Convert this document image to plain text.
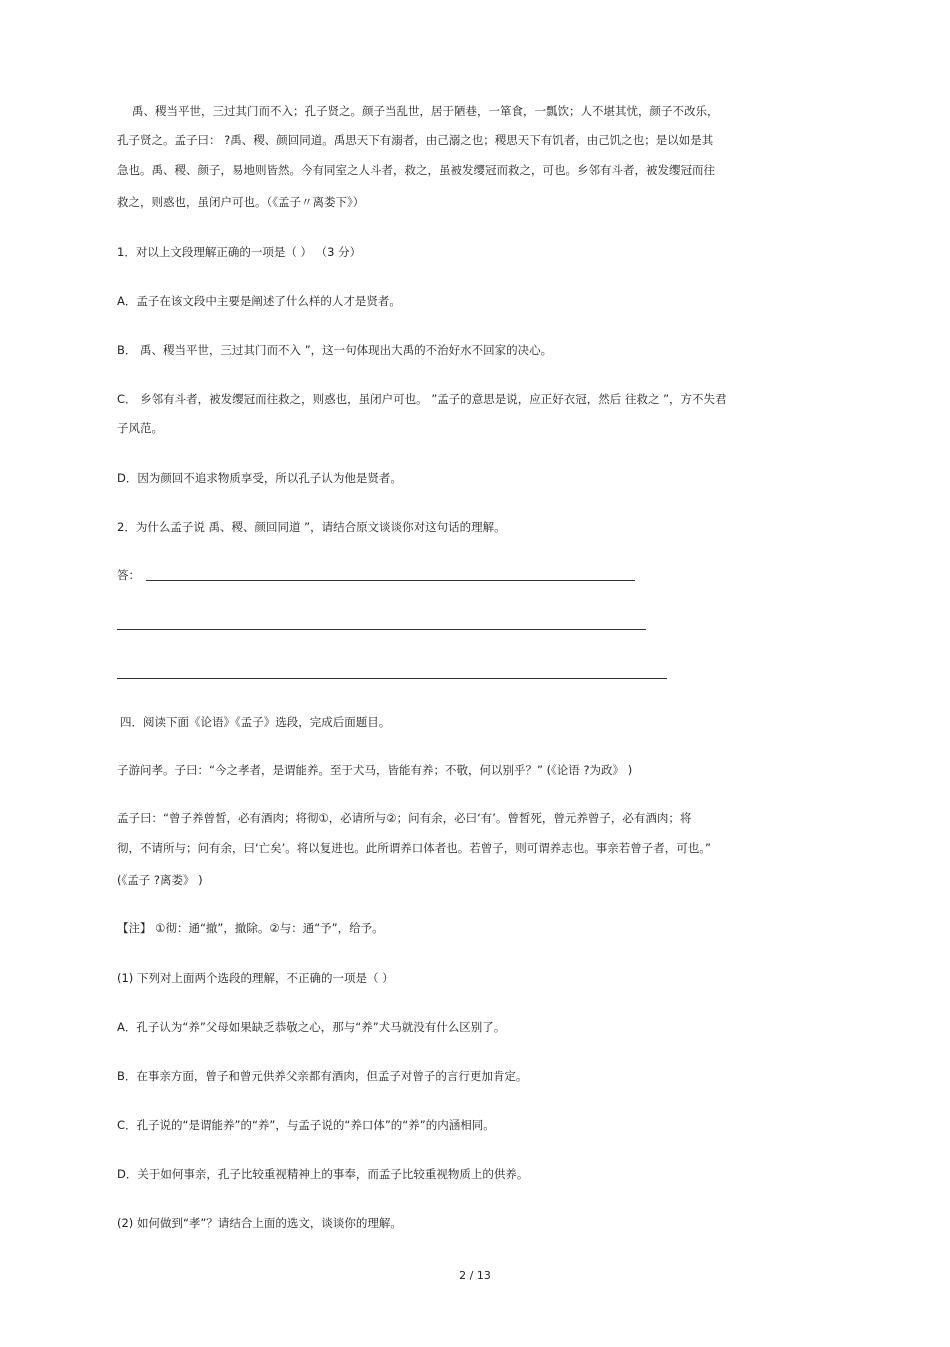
禹、稷当平世，三过其门而不入；孔子贤之。颜子当乱世，居于陋巷，一箪食，一瓢饮；人不堪其忧，颜子不改乐，
孔子贤之。孟子曰： ?禹、稷、颜回同道。禹思天下有溺者，由己溺之也；稷思天下有饥者，由己饥之也；是以如是其
急也。禹、稷、颜子，易地则皆然。今有同室之人斗者，救之，虽被发缨冠而救之，可也。乡邻有斗者，被发缨冠而往
救之，则惑也，虽闭户可也。（《孟子〃离娄下》）
1．对以上文段理解正确的一项是（ ） （3 分）
A．孟子在该文段中主要是阐述了什么样的人才是贤者。
B． 禹、稷当平世，三过其门而不入 ”，这一句体现出大禹的不治好水不回家的决心。
C． 乡邻有斗者，被发缨冠而往救之，则惑也，虽闭户可也。 ”孟子的意思是说，应正好衣冠，然后 往救之 ”，方不失君
子风范。
D．因为颜回不追求物质享受，所以孔子认为他是贤者。
2．为什么孟子说 禹、稷、颜回同道 ”，请结合原文谈谈你对这句话的理解。
答：
四．阅读下面《论语》《孟子》选段，完成后面题目。
子游问孝。子曰：“今之孝者，是谓能养。至于犬马，皆能有养；不敬，何以别乎？” (《论语 ?为政》 )
孟子曰：“曾子养曾皙，必有酒肉；将彻①，必请所与②；问有余，必曰‘有’。曾皙死，曾元养曾子，必有酒肉；将
彻，不请所与；问有余，曰‘亡矣’。将以复进也。此所谓养口体者也。若曾子，则可谓养志也。事亲若曾子者，可也。”
(《孟子 ?离娄》 )
【注】 ①彻：通“撤”，撤除。②与：通“予”，给予。
(1) 下列对上面两个选段的理解，不正确的一项是（ ）
A．孔子认为“养”父母如果缺乏恭敬之心，那与“养”犬马就没有什么区别了。
B．在事亲方面，曾子和曾元供养父亲都有酒肉，但孟子对曾子的言行更加肯定。
C．孔子说的“是谓能养”的“养”，与孟子说的“养口体”的“养”的内涵相同。
D．关于如何事亲，孔子比较重视精神上的事奉，而孟子比较重视物质上的供养。
(2) 如何做到“孝”？请结合上面的选文，谈谈你的理解。
2 / 13
